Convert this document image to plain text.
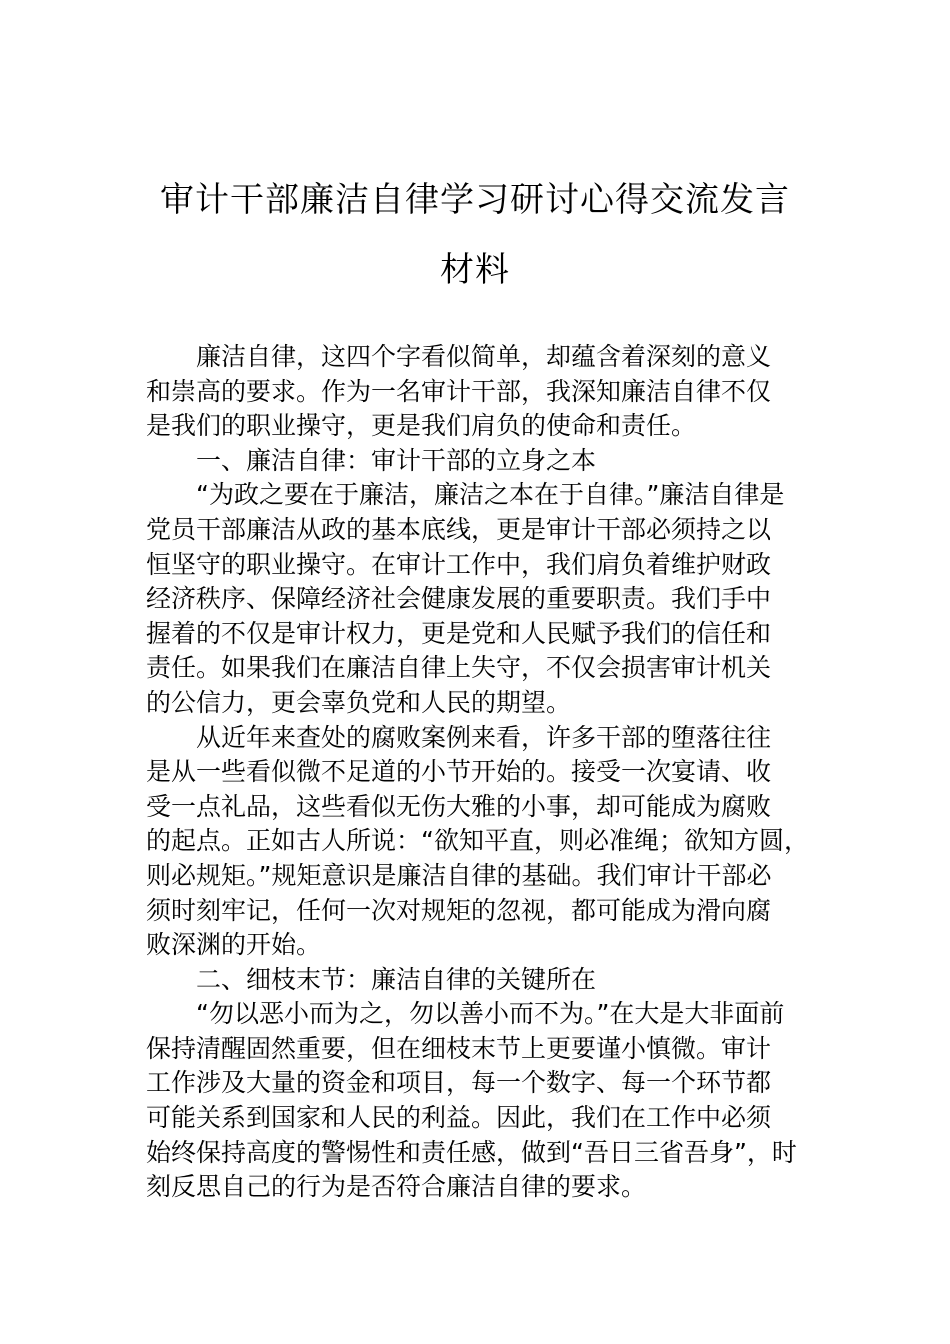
审计干部廉洁自律学习研讨心得交流发言
材料

廉洁自律，这四个字看似简单，却蕴含着深刻的意义

和崇高的要求。作为一名审计干部，我深知廉洁自律不仅

是我们的职业操守，更是我们肩负的使命和责任。

一、廉洁自律：审计干部的立身之本

“为政之要在于廉洁，廉洁之本在于自律。”廉洁自律是

党员干部廉洁从政的基本底线，更是审计干部必须持之以

恒坚守的职业操守。在审计工作中，我们肩负着维护财政

经济秩序、保障经济社会健康发展的重要职责。我们手中

握着的不仅是审计权力，更是党和人民赋予我们的信任和

责任。如果我们在廉洁自律上失守，不仅会损害审计机关

的公信力，更会辜负党和人民的期望。

从近年来查处的腐败案例来看，许多干部的堕落往往

是从一些看似微不足道的小节开始的。接受一次宴请、收

受一点礼品，这些看似无伤大雅的小事，却可能成为腐败

的起点。正如古人所说：“欲知平直，则必准绳；欲知方圆，

则必规矩。”规矩意识是廉洁自律的基础。我们审计干部必

须时刻牢记，任何一次对规矩的忽视，都可能成为滑向腐

败深渊的开始。

二、细枝末节：廉洁自律的关键所在

“勿以恶小而为之，勿以善小而不为。”在大是大非面前

保持清醒固然重要，但在细枝末节上更要谨小慎微。审计

工作涉及大量的资金和项目，每一个数字、每一个环节都

可能关系到国家和人民的利益。因此，我们在工作中必须

始终保持高度的警惕性和责任感，做到“吾日三省吾身”，时

刻反思自己的行为是否符合廉洁自律的要求。
